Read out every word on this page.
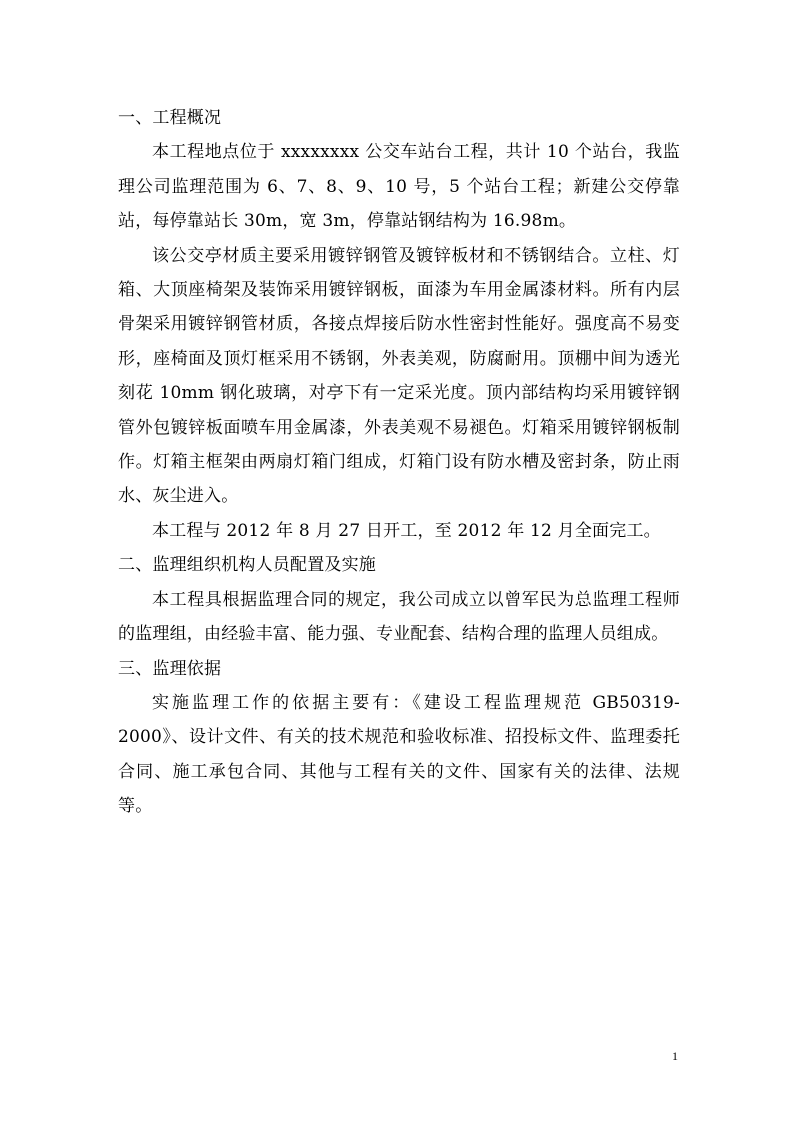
一、工程概况

本工程地点位于 xxxxxxxx 公交车站台工程，共计 10 个站台，我监理公司监理范围为 6、7、8、9、10 号，5 个站台工程；新建公交停靠站，每停靠站长 30m，宽 3m，停靠站钢结构为 16.98m。

该公交亭材质主要采用镀锌钢管及镀锌板材和不锈钢结合。立柱、灯箱、大顶座椅架及装饰采用镀锌钢板，面漆为车用金属漆材料。所有内层骨架采用镀锌钢管材质，各接点焊接后防水性密封性能好。强度高不易变形，座椅面及顶灯框采用不锈钢，外表美观，防腐耐用。顶棚中间为透光刻花 10mm 钢化玻璃，对亭下有一定采光度。顶内部结构均采用镀锌钢管外包镀锌板面喷车用金属漆，外表美观不易褪色。灯箱采用镀锌钢板制作。灯箱主框架由两扇灯箱门组成，灯箱门设有防水槽及密封条，防止雨水、灰尘进入。

本工程与 2012 年 8 月 27 日开工，至 2012 年 12 月全面完工。

二、监理组织机构人员配置及实施

本工程具根据监理合同的规定，我公司成立以曾军民为总监理工程师的监理组，由经验丰富、能力强、专业配套、结构合理的监理人员组成。

三、监理依据

实施监理工作的依据主要有：《建设工程监理规范 GB50319-2000》、设计文件、有关的技术规范和验收标准、招投标文件、监理委托合同、施工承包合同、其他与工程有关的文件、国家有关的法律、法规等。

1
